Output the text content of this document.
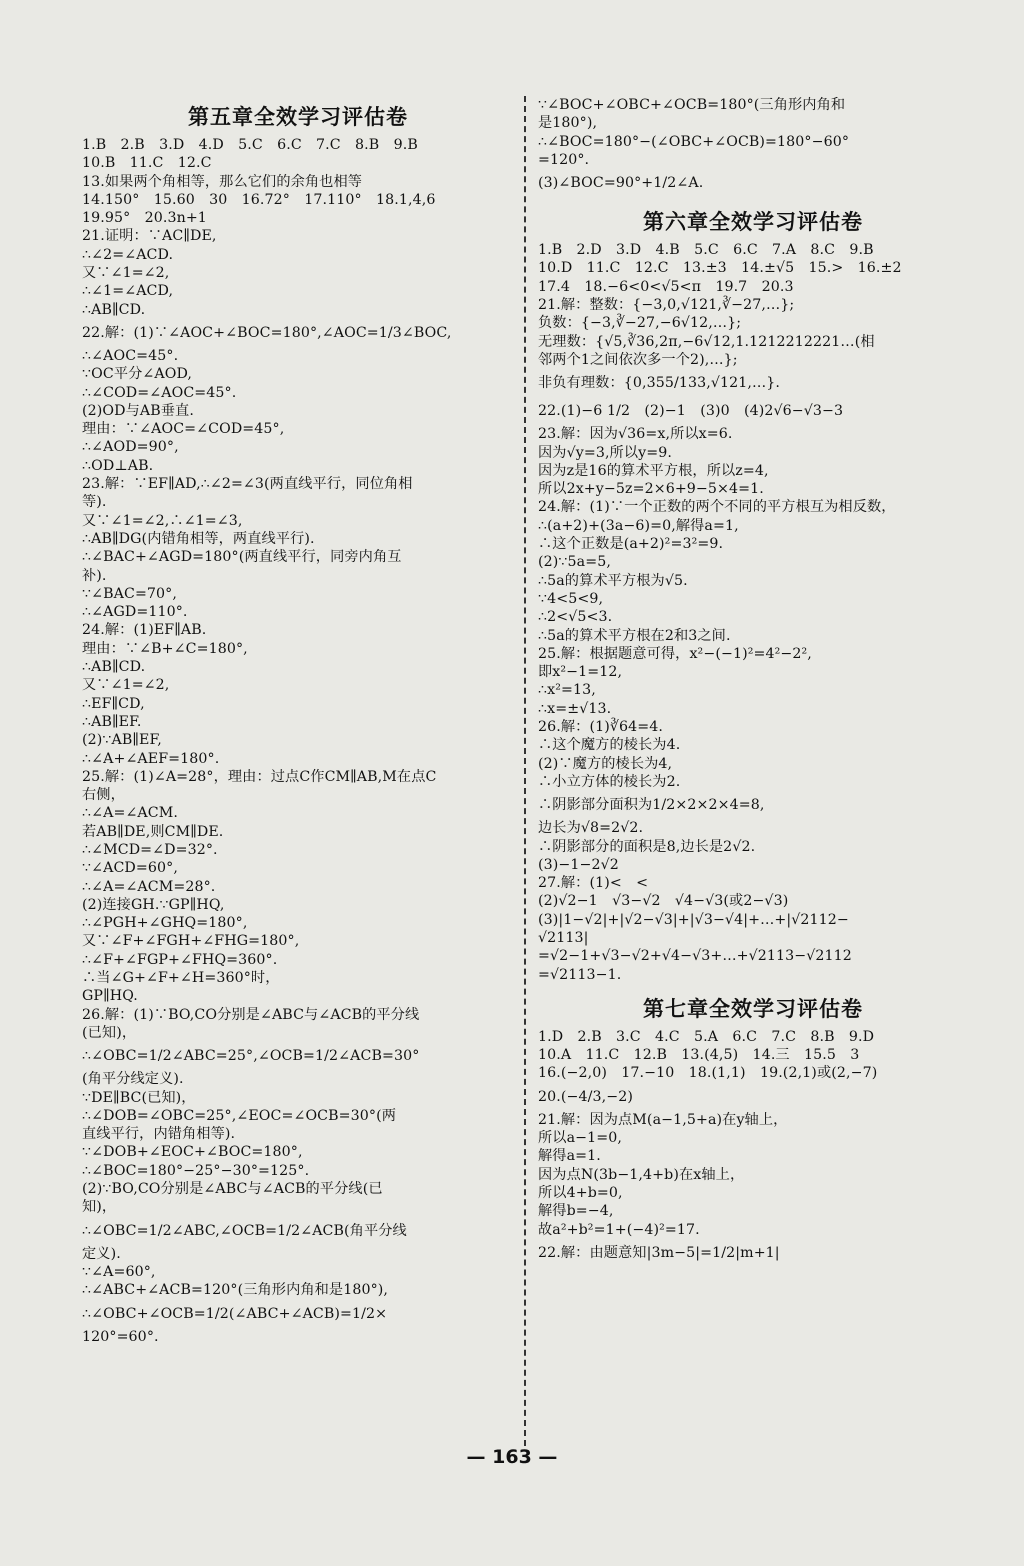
第五章全效学习评估卷
1.B　2.B　3.D　4.D　5.C　6.C　7.C　8.B　9.B
10.B　11.C　12.C
13.如果两个角相等，那么它们的余角也相等
14.150°　15.60　30　16.72°　17.110°　18.1,4,6
19.95°　20.3n+1
21.证明：∵AC∥DE,
∴∠2=∠ACD.
又∵∠1=∠2,
∴∠1=∠ACD,
∴AB∥CD.
22.解：(1)∵∠AOC+∠BOC=180°,∠AOC=1/3∠BOC,
∴∠AOC=45°.
∵OC平分∠AOD,
∴∠COD=∠AOC=45°.
(2)OD与AB垂直.
理由：∵∠AOC=∠COD=45°,
∴∠AOD=90°,
∴OD⊥AB.
23.解：∵EF∥AD,∴∠2=∠3(两直线平行，同位角相
等).
又∵∠1=∠2,∴∠1=∠3,
∴AB∥DG(内错角相等，两直线平行).
∴∠BAC+∠AGD=180°(两直线平行，同旁内角互
补).
∵∠BAC=70°,
∴∠AGD=110°.
24.解：(1)EF∥AB.
理由：∵∠B+∠C=180°,
∴AB∥CD.
又∵∠1=∠2,
∴EF∥CD,
∴AB∥EF.
(2)∵AB∥EF,
∴∠A+∠AEF=180°.
25.解：(1)∠A=28°，理由：过点C作CM∥AB,M在点C
右侧，
∴∠A=∠ACM.
若AB∥DE,则CM∥DE.
∴∠MCD=∠D=32°.
∵∠ACD=60°,
∴∠A=∠ACM=28°.
(2)连接GH.∵GP∥HQ,
∴∠PGH+∠GHQ=180°,
又∵∠F+∠FGH+∠FHG=180°,
∴∠F+∠FGP+∠FHQ=360°.
∴当∠G+∠F+∠H=360°时，
GP∥HQ.
26.解：(1)∵BO,CO分别是∠ABC与∠ACB的平分线
(已知)，
∴∠OBC=1/2∠ABC=25°,∠OCB=1/2∠ACB=30°
(角平分线定义).
∵DE∥BC(已知)，
∴∠DOB=∠OBC=25°,∠EOC=∠OCB=30°(两
直线平行，内错角相等).
∵∠DOB+∠EOC+∠BOC=180°,
∴∠BOC=180°−25°−30°=125°.
(2)∵BO,CO分别是∠ABC与∠ACB的平分线(已
知)，
∴∠OBC=1/2∠ABC,∠OCB=1/2∠ACB(角平分线
定义).
∵∠A=60°,
∴∠ABC+∠ACB=120°(三角形内角和是180°),
∴∠OBC+∠OCB=1/2(∠ABC+∠ACB)=1/2×
120°=60°.
∵∠BOC+∠OBC+∠OCB=180°(三角形内角和
是180°),
∴∠BOC=180°−(∠OBC+∠OCB)=180°−60°
=120°.
(3)∠BOC=90°+1/2∠A.
第六章全效学习评估卷
1.B　2.D　3.D　4.B　5.C　6.C　7.A　8.C　9.B
10.D　11.C　12.C　13.±3　14.±√5　15.>　16.±2
17.4　18.−6<0<√5<π　19.7　20.3
21.解：整数：{−3,0,√121,∛−27,…};
负数：{−3,∛−27,−6√12,…};
无理数：{√5,∛36,2π,−6√12,1.1212212221…(相
邻两个1之间依次多一个2),…};
非负有理数：{0,355/133,√121,…}.
22.(1)−6 1/2　(2)−1　(3)0　(4)2√6−√3−3
23.解：因为√36=x,所以x=6.
因为√y=3,所以y=9.
因为z是16的算术平方根，所以z=4,
所以2x+y−5z=2×6+9−5×4=1.
24.解：(1)∵一个正数的两个不同的平方根互为相反数，
∴(a+2)+(3a−6)=0,解得a=1,
∴这个正数是(a+2)²=3²=9.
(2)∵5a=5,
∴5a的算术平方根为√5.
∵4<5<9,
∴2<√5<3.
∴5a的算术平方根在2和3之间.
25.解：根据题意可得，x²−(−1)²=4²−2²,
即x²−1=12,
∴x²=13,
∴x=±√13.
26.解：(1)∛64=4.
∴这个魔方的棱长为4.
(2)∵魔方的棱长为4,
∴小立方体的棱长为2.
∴阴影部分面积为1/2×2×2×4=8,
边长为√8=2√2.
∴阴影部分的面积是8,边长是2√2.
(3)−1−2√2
27.解：(1)<　<
(2)√2−1　√3−√2　√4−√3(或2−√3)
(3)|1−√2|+|√2−√3|+|√3−√4|+…+|√2112−
√2113|
=√2−1+√3−√2+√4−√3+…+√2113−√2112
=√2113−1.
第七章全效学习评估卷
1.D　2.B　3.C　4.C　5.A　6.C　7.C　8.B　9.D
10.A　11.C　12.B　13.(4,5)　14.三　15.5　3
16.(−2,0)　17.−10　18.(1,1)　19.(2,1)或(2,−7)
20.(−4/3,−2)
21.解：因为点M(a−1,5+a)在y轴上，
所以a−1=0,
解得a=1.
因为点N(3b−1,4+b)在x轴上，
所以4+b=0,
解得b=−4,
故a²+b²=1+(−4)²=17.
22.解：由题意知|3m−5|=1/2|m+1|
— 163 —
